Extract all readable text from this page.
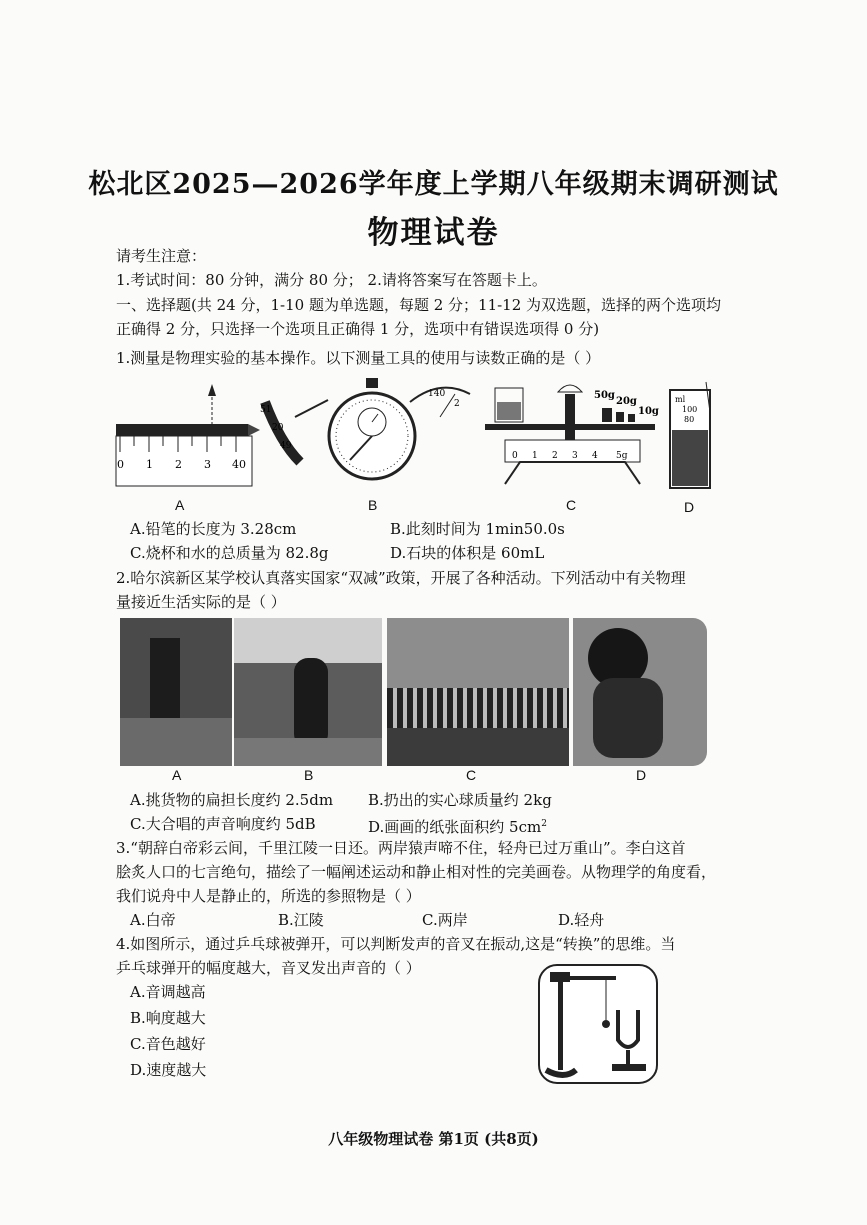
松北区2025—2026学年度上学期八年级期末调研测试
物理试卷
请考生注意：
1.考试时间：80 分钟，满分 80 分； 2.请将答案写在答题卡上。
一、选择题(共 24 分，1-10 题为单选题，每题 2 分；11-12 为双选题，选择的两个选项均
正确得 2 分，只选择一个选项且正确得 1 分，选项中有错误选项得 0 分)
1.测量是物理实验的基本操作。以下测量工具的使用与读数正确的是（ ）
0 1 2 3 40
51
20
49
140
2
0 1 2 3 4 5g
50g
20g
10g
ml
100
80
60
A	B	C	D
A.铅笔的长度为 3.28cm	B.此刻时间为 1min50.0s
C.烧杯和水的总质量为 82.8g	D.石块的体积是 60mL
2.哈尔滨新区某学校认真落实国家“双减”政策，开展了各种活动。下列活动中有关物理
量接近生活实际的是（ ）
A	B	C	D
A.挑货物的扁担长度约 2.5dm B.扔出的实心球质量约 2kg
C.大合唱的声音响度约 5dB	D.画画的纸张面积约 $5cm^2$
3.“朝辞白帝彩云间，千里江陵一日还。两岸猿声啼不住，轻舟已过万重山”。李白这首
脍炙人口的七言绝句，描绘了一幅阐述运动和静止相对性的完美画卷。从物理学的角度看，
我们说舟中人是静止的，所选的参照物是（ ）
A.白帝	B.江陵	C.两岸	D.轻舟
4.如图所示，通过乒乓球被弹开，可以判断发声的音叉在振动,这是“转换”的思维。当
乒乓球弹开的幅度越大，音叉发出声音的（ ）
A.音调越高
B.响度越大
C.音色越好
D.速度越大
八年级物理试卷 第1页 (共8页)
